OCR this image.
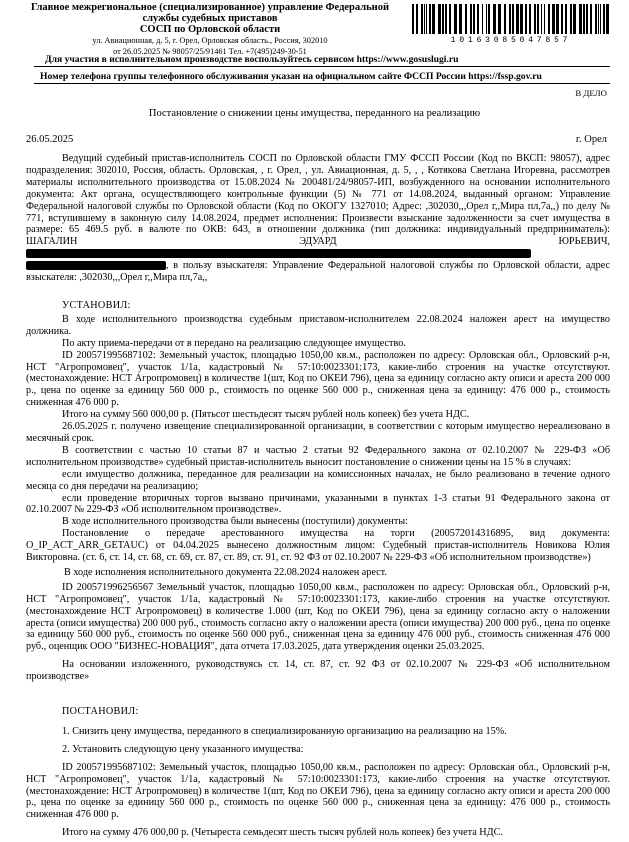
Главное межрегиональное (специализированное) управление Федеральной
службы судебных приставов
СОСП по Орловской области
ул. Авиационная, д. 5, г. Орел, Орловская область., Россия, 302010
от 26.05.2025 № 98057/25/91461 Тел. +7(495)249-30-51
10163085047857
Для участия в исполнительном производстве воспользуйтесь сервисом https://www.gosuslugi.ru
Номер телефона группы телефонного обслуживания указан на официальном сайте ФССП России https://fssp.gov.ru
В ДЕЛО
Постановление о снижении цены имущества, переданного на реализацию
26.05.2025	г. Орел

Ведущий судебный пристав-исполнитель СОСП по Орловской области ГМУ ФССП России (Код по ВКСП: 98057), адрес подразделения: 302010, Россия, область. Орловская, , г. Орел, , ул. Авиационная, д. 5, , , Котякова Светлана Игоревна, рассмотрев материалы исполнительного производства от 15.08.2024 № 200481/24/98057-ИП, возбужденного на основании исполнительного документа: Акт органа, осуществляющего контрольные функции (5) № 771 от 14.08.2024, выданный органом: Управление Федеральной налоговой службы по Орловской области (Код по ОКОГУ 1327010; Адрес: ,302030,,,Орел г,,Мира пл,7а,,) по делу № 771, вступившему в законную силу 14.08.2024, предмет исполнения: Произвести взыскание задолженности за счет имущества в размере: 65 469.5 руб. в валюте по ОКВ: 643, в отношении должника (тип должника: индивидуальный предприниматель): ШАГАЛИН ЭДУАРД ЮРЬЕВИЧ,  , в пользу взыскателя: Управление Федеральной налоговой службы по Орловской области, адрес взыскателя: ,302030,,,Орел г,,Мира пл,7а,,

УСТАНОВИЛ:

В ходе исполнительного производства судебным приставом-исполнителем 22.08.2024 наложен арест на имущество должника.

По акту приема-передачи от в передано на реализацию следующее имущество.

ID 200571995687102: Земельный участок, площадью 1050,00 кв.м., расположен по адресу: Орловская обл., Орловский р-н, НСТ "Агропромовец", участок 1/1а, кадастровый № 57:10:0023301:173, какие-либо строения на участке отсутствуют. (местонахождение: НСТ Агропромовец) в количестве 1(шт, Код по ОКЕИ 796), цена за единицу согласно акту описи и ареста 200 000 р., цена по оценке за единицу 560 000 р., стоимость по оценке 560 000 р., сниженная цена за единицу: 476 000 р., стоимость сниженная 476 000 р.

Итого на сумму 560 000,00 р. (Пятьсот шестьдесят тысяч рублей ноль копеек) без учета НДС.

26.05.2025 г. получено извещение специализированной организации, в соответствии с которым имущество нереализовано в месячный срок.

В соответствии с частью 10 статьи 87 и частью 2 статьи 92 Федерального закона от 02.10.2007 № 229-ФЗ «Об исполнительном производстве» судебный пристав-исполнитель выносит постановление о снижении цены на 15 % в случаях:

если имущество должника, переданное для реализации на комиссионных началах, не было реализовано в течение одного месяца со дня передачи на реализацию;

если проведение вторичных торгов вызвано причинами, указанными в пунктах 1-3 статьи 91 Федерального закона от 02.10.2007 № 229-ФЗ «Об исполнительном производстве».

В ходе исполнительного производства были вынесены (поступили) документы:

Постановление о передаче арестованного имущества на торги (200572014316895, вид документа: O_IP_ACT_ARR_GETAUC) от 04.04.2025 вынесено должностным лицом: Судебный пристав-исполнитель Новикова Юлия Викторовна. (ст. 6, ст. 14, ст. 68, ст. 69, ст. 87, ст. 89, ст. 91, ст. 92 ФЗ от 02.10.2007 № 229-ФЗ «Об исполнительном производстве»)

В ходе исполнения исполнительного документа 22.08.2024 наложен арест.

ID 200571996256567 Земельный участок, площадью 1050,00 кв.м., расположен по адресу: Орловская обл., Орловский р-н, НСТ "Агропромовец", участок 1/1а, кадастровый № 57:10:0023301:173, какие-либо строения на участке отсутствуют. (местонахождение НСТ Агропромовец) в количестве 1.000 (шт, Код по ОКЕИ 796), цена за единицу согласно акту о наложении ареста (описи имущества) 200 000 руб., стоимость согласно акту о наложении ареста (описи имущества) 200 000 руб., цена по оценке за единицу 560 000 руб., стоимость по оценке 560 000 руб., сниженная цена за единицу 476 000 руб., стоимость сниженная 476 000 руб., оценщик ООО "БИЗНЕС-НОВАЦИЯ", дата отчета 17.03.2025, дата утверждения оценки 25.03.2025.

На основании изложенного, руководствуясь ст. 14, ст. 87, ст. 92 ФЗ от 02.10.2007 № 229-ФЗ «Об исполнительном производстве»

ПОСТАНОВИЛ:

1. Снизить цену имущества, переданного в специализированную организацию на реализацию на 15%.

2. Установить следующую цену указанного имущества:

ID 200571995687102: Земельный участок, площадью 1050,00 кв.м., расположен по адресу: Орловская обл., Орловский р-н, НСТ "Агропромовец", участок 1/1а, кадастровый № 57:10:0023301:173, какие-либо строения на участке отсутствуют. (местонахождение: НСТ Агропромовец) в количестве 1(шт, Код по ОКЕИ 796), цена за единицу согласно акту описи и ареста 200 000 р., цена по оценке за единицу 560 000 р., стоимость по оценке 560 000 р., сниженная цена за единицу: 476 000 р., стоимость сниженная 476 000 р.

Итого на сумму 476 000,00 р. (Четыреста семьдесят шесть тысяч рублей ноль копеек) без учета НДС.
